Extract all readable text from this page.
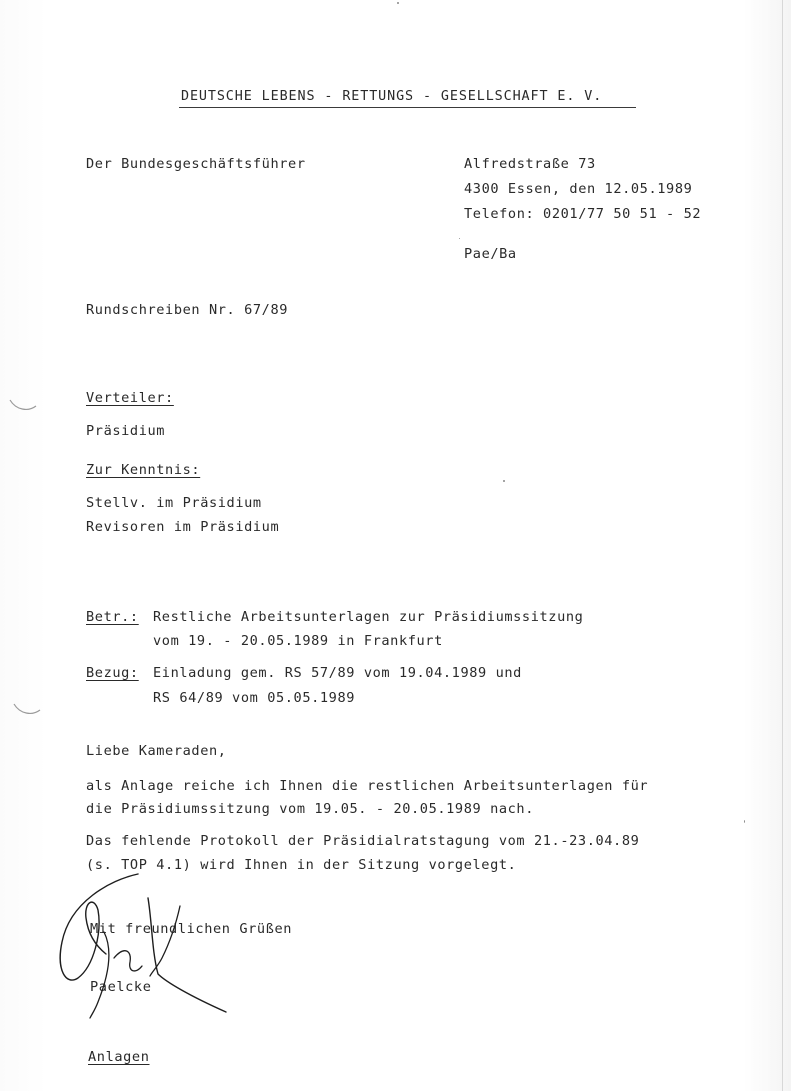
DEUTSCHE LEBENS - RETTUNGS - GESELLSCHAFT E. V.
Der Bundesgeschäftsführer	Alfredstraße 73
4300 Essen, den 12.05.1989
Telefon: 0201/77 50 51 - 52
Pae/Ba
Rundschreiben Nr. 67/89
Verteiler:
Präsidium
Zur Kenntnis:
Stellv. im Präsidium
Revisoren im Präsidium
Betr.: Restliche Arbeitsunterlagen zur Präsidiumssitzung
vom 19. - 20.05.1989 in Frankfurt
Bezug: Einladung gem. RS 57/89 vom 19.04.1989 und
RS 64/89 vom 05.05.1989
Liebe Kameraden,
als Anlage reiche ich Ihnen die restlichen Arbeitsunterlagen für
die Präsidiumssitzung vom 19.05. - 20.05.1989 nach.
Das fehlende Protokoll der Präsidialratstagung vom 21.-23.04.89
(s. TOP 4.1) wird Ihnen in der Sitzung vorgelegt.
Mit freundlichen Grüßen
Paelcke
Anlagen
